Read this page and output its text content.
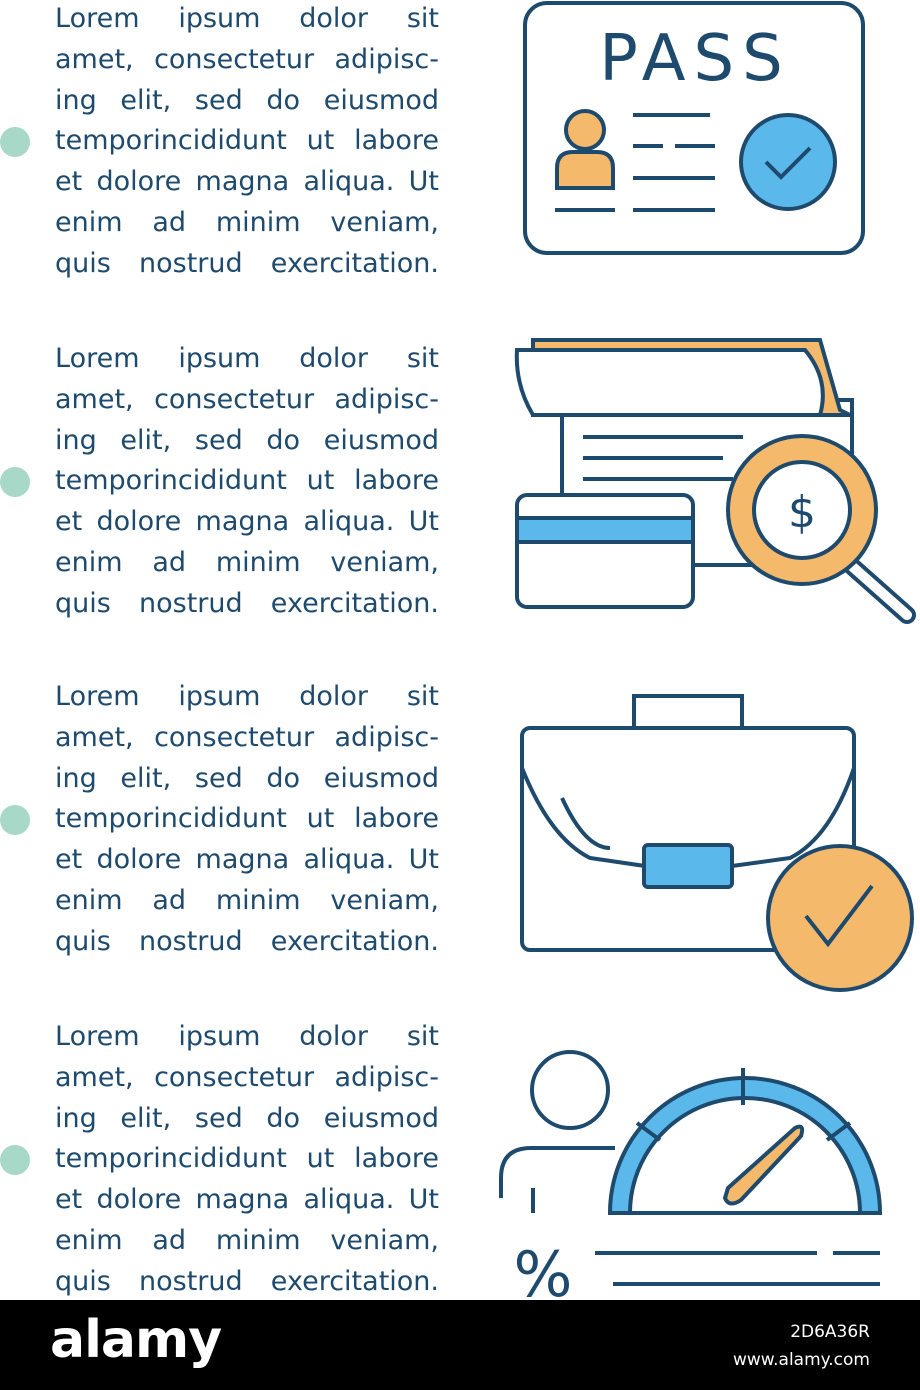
Lorem ipsum dolor sit
amet, consectetur adipisc-
ing elit, sed do eiusmod
temporincididunt ut labore
et dolore magna aliqua. Ut
enim ad minim veniam,
quis nostrud exercitation.

PASS

Lorem ipsum dolor sit
amet, consectetur adipisc-
ing elit, sed do eiusmod
temporincididunt ut labore
et dolore magna aliqua. Ut
enim ad minim veniam,
quis nostrud exercitation.

$

Lorem ipsum dolor sit
amet, consectetur adipisc-
ing elit, sed do eiusmod
temporincididunt ut labore
et dolore magna aliqua. Ut
enim ad minim veniam,
quis nostrud exercitation.

Lorem ipsum dolor sit
amet, consectetur adipisc-
ing elit, sed do eiusmod
temporincididunt ut labore
et dolore magna aliqua. Ut
enim ad minim veniam,
quis nostrud exercitation. %
alamy	2D6A36R
www.alamy.com
